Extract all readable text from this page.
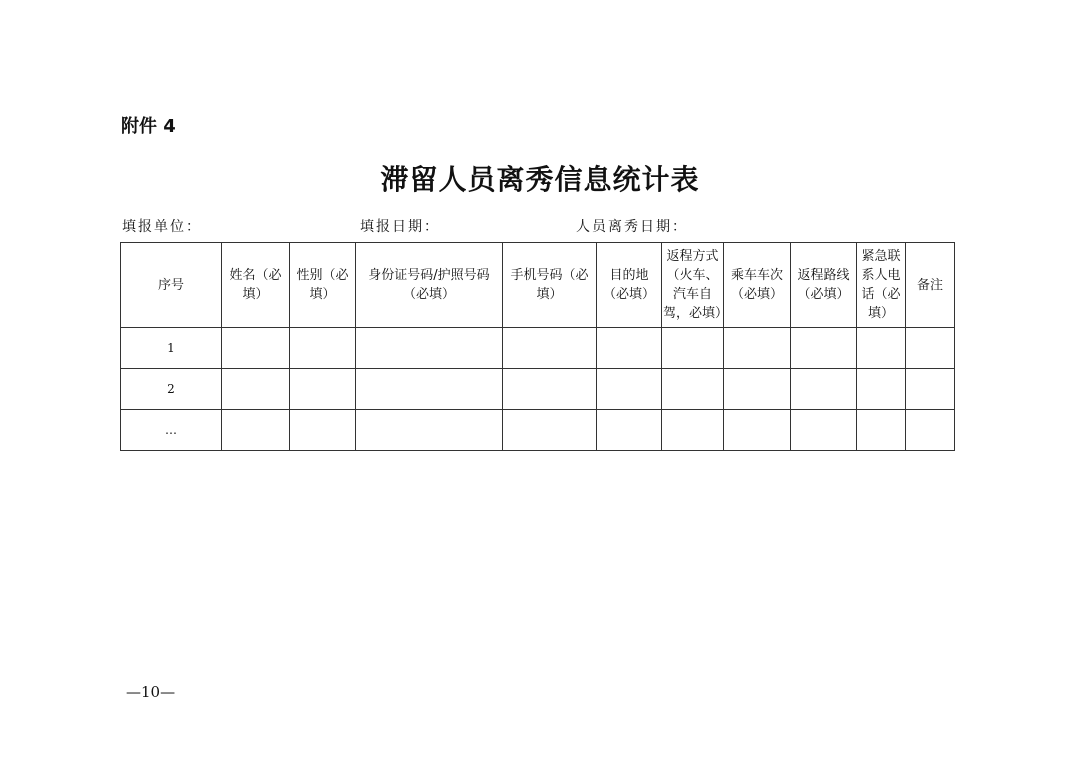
附件 4
滞留人员离秀信息统计表
填报单位：	填报日期：	人员离秀日期：
序号	姓名（必填）	性别（必填）	身份证号码/护照号码（必填）	手机号码（必填）	目的地（必填）	返程方式（火车、汽车自驾，必填）	乘车车次（必填）	返程路线（必填）	紧急联系人电话（必填）	备注
1										
2										
…										
—10—
